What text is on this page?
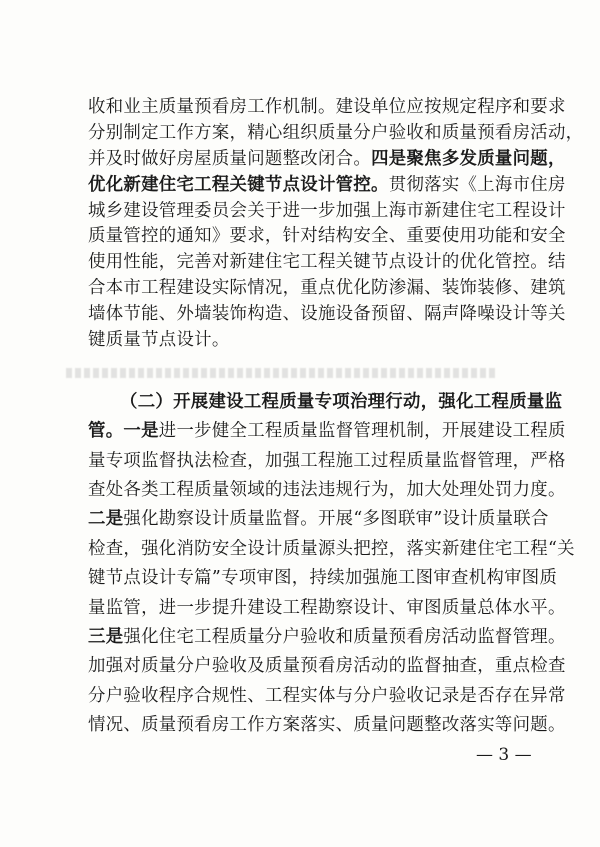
收和业主质量预看房工作机制。建设单位应按规定程序和要求
分别制定工作方案，精心组织质量分户验收和质量预看房活动，
并及时做好房屋质量问题整改闭合。四是聚焦多发质量问题，
优化新建住宅工程关键节点设计管控。贯彻落实《上海市住房
城乡建设管理委员会关于进一步加强上海市新建住宅工程设计
质量管控的通知》要求，针对结构安全、重要使用功能和安全
使用性能，完善对新建住宅工程关键节点设计的优化管控。结
合本市工程建设实际情况，重点优化防渗漏、装饰装修、建筑
墙体节能、外墙装饰构造、设施设备预留、隔声降噪设计等关
键质量节点设计。
（二）开展建设工程质量专项治理行动，强化工程质量监
管。一是进一步健全工程质量监督管理机制，开展建设工程质
量专项监督执法检查，加强工程施工过程质量监督管理，严格
查处各类工程质量领域的违法违规行为，加大处理处罚力度。
二是强化勘察设计质量监督。开展“多图联审”设计质量联合
检查，强化消防安全设计质量源头把控，落实新建住宅工程“关
键节点设计专篇”专项审图，持续加强施工图审查机构审图质
量监管，进一步提升建设工程勘察设计、审图质量总体水平。
三是强化住宅工程质量分户验收和质量预看房活动监督管理。
加强对质量分户验收及质量预看房活动的监督抽查，重点检查
分户验收程序合规性、工程实体与分户验收记录是否存在异常
情况、质量预看房工作方案落实、质量问题整改落实等问题。
— 3 —
